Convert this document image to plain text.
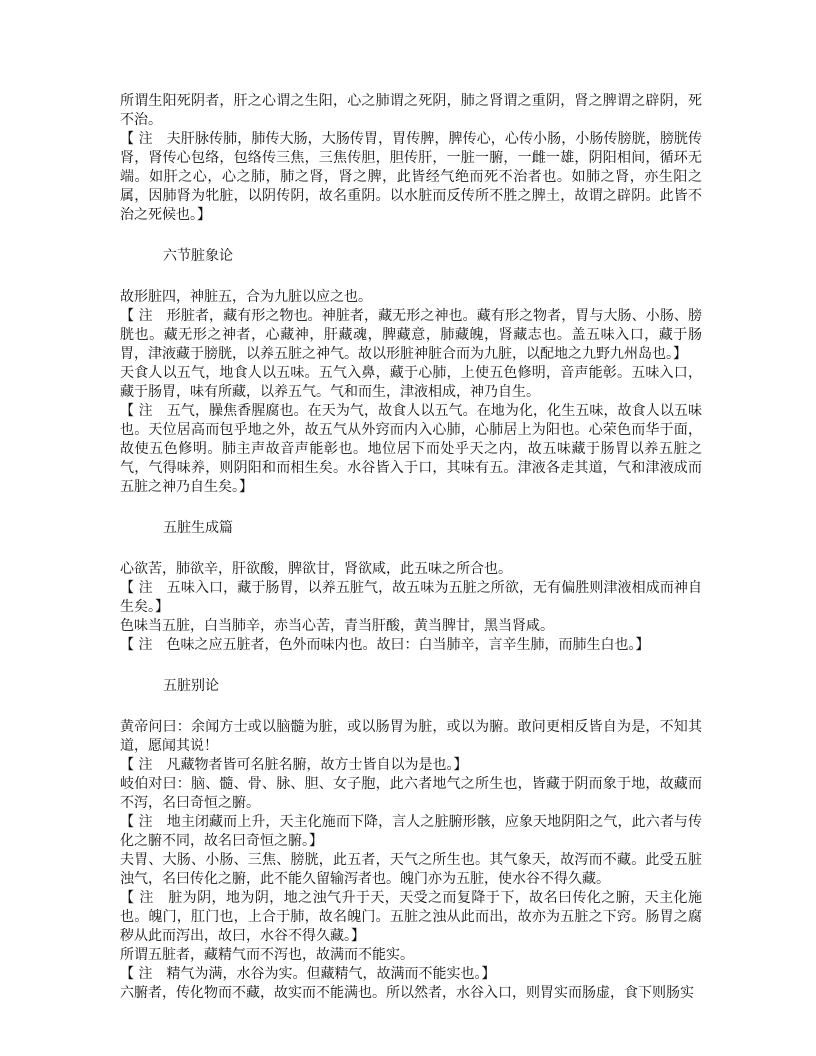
所谓生阳死阴者，肝之心谓之生阳，心之肺谓之死阴，肺之肾谓之重阴，肾之脾谓之辟阴，死不治。

【 注　夫肝脉传肺，肺传大肠，大肠传胃，胃传脾，脾传心，心传小肠，小肠传膀胱，膀胱传肾，肾传心包络，包络传三焦，三焦传胆，胆传肝，一脏一腑，一雌一雄，阴阳相间，循环无端。如肝之心，心之肺，肺之肾，肾之脾，此皆经气绝而死不治者也。如肺之肾，亦生阳之属，因肺肾为牝脏，以阴传阴，故名重阴。以水脏而反传所不胜之脾土，故谓之辟阴。此皆不治之死候也。】

六节脏象论

故形脏四，神脏五，合为九脏以应之也。

【 注　形脏者，藏有形之物也。神脏者，藏无形之神也。藏有形之物者，胃与大肠、小肠、膀胱也。藏无形之神者，心藏神，肝藏魂，脾藏意，肺藏魄，肾藏志也。盖五味入口，藏于肠胃，津液藏于膀胱，以养五脏之神气。故以形脏神脏合而为九脏，以配地之九野九州岛也。】

天食人以五气，地食人以五味。五气入鼻，藏于心肺，上使五色修明，音声能彰。五味入口，藏于肠胃，味有所藏，以养五气。气和而生，津液相成，神乃自生。

【 注　五气，臊焦香腥腐也。在天为气，故食人以五气。在地为化，化生五味，故食人以五味也。天位居高而包乎地之外，故五气从外窍而内入心肺，心肺居上为阳也。心荣色而华于面，故使五色修明。肺主声故音声能彰也。地位居下而处乎天之内，故五味藏于肠胃以养五脏之气，气得味养，则阴阳和而相生矣。水谷皆入于口，其味有五。津液各走其道，气和津液成而五脏之神乃自生矣。】

五脏生成篇

心欲苦，肺欲辛，肝欲酸，脾欲甘，肾欲咸，此五味之所合也。

【 注　五味入口，藏于肠胃，以养五脏气，故五味为五脏之所欲，无有偏胜则津液相成而神自生矣。】

色味当五脏，白当肺辛，赤当心苦，青当肝酸，黄当脾甘，黑当肾咸。

【 注　色味之应五脏者，色外而味内也。故曰：白当肺辛，言辛生肺，而肺生白也。】

五脏别论

黄帝问曰：余闻方士或以脑髓为脏，或以肠胃为脏，或以为腑。敢问更相反皆自为是，不知其道，愿闻其说！

【 注　凡藏物者皆可名脏名腑，故方士皆自以为是也。】

岐伯对曰：脑、髓、骨、脉、胆、女子胞，此六者地气之所生也，皆藏于阴而象于地，故藏而不泻，名曰奇恒之腑。

【 注　地主闭藏而上升，天主化施而下降，言人之脏腑形骸，应象天地阴阳之气，此六者与传化之腑不同，故名曰奇恒之腑。】

夫胃、大肠、小肠、三焦、膀胱，此五者，天气之所生也。其气象天，故泻而不藏。此受五脏浊气，名曰传化之腑，此不能久留输泻者也。魄门亦为五脏，使水谷不得久藏。

【 注　脏为阴，地为阴，地之浊气升于天，天受之而复降于下，故名曰传化之腑，天主化施也。魄门，肛门也，上合于肺，故名魄门。五脏之浊从此而出，故亦为五脏之下窍。肠胃之腐秽从此而泻出，故曰，水谷不得久藏。】

所谓五脏者，藏精气而不泻也，故满而不能实。

【 注　精气为满，水谷为实。但藏精气，故满而不能实也。】

六腑者，传化物而不藏，故实而不能满也。所以然者，水谷入口，则胃实而肠虚，食下则肠实
